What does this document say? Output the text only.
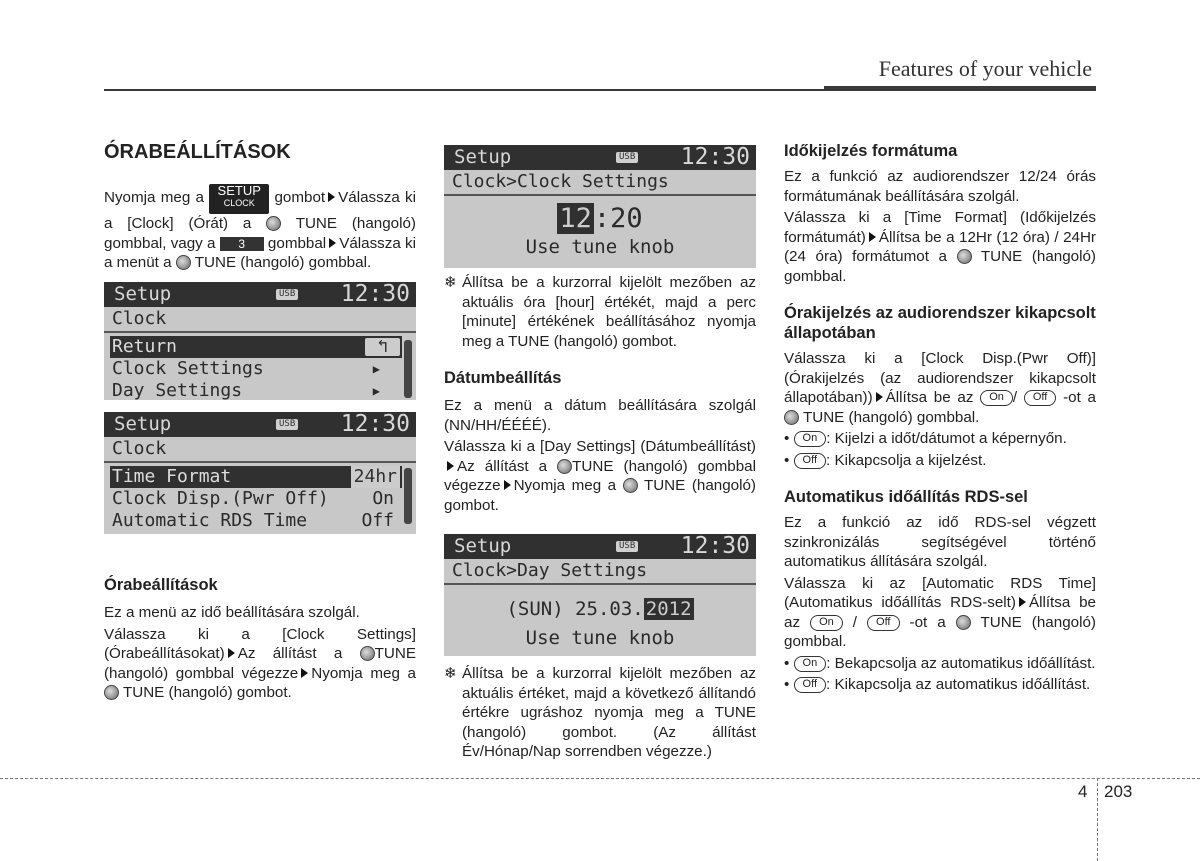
Features of your vehicle
ÓRABEÁLLÍTÁSOK

Nyomja meg a	SETUP
CLOCK	gombot Válassza ki a [Clock] (Órát) a	TUNE (hangoló) gombbal, vagy a 3 gombbal Válassza ki a menüt a TUNE (hangoló) gombbal.

Setup	USB 12:30
Clock
Return	↰
Clock Settings	▶
Day Settings	▶
Setup	USB 12:30
Clock
Time Format	24hr
Clock Disp.(Pwr Off) On
Automatic RDS Time	Off
Órabeállítások

Ez a menü az idő beállítására szolgál.

Válassza ki a [Clock Settings] (Órabeállításokat) Az állítást a TUNE (hangoló) gombbal végezze Nyomja meg a  TUNE (hangoló) gombot.

Setup	USB 12:30
Clock>Clock Settings
12:20
Use tune knob

❄ Állítsa be a kurzorral kijelölt mezőben az aktuális óra [hour] értékét, majd a perc [minute] értékének beállításához nyomja meg a TUNE (hangoló) gombot.

Dátumbeállítás

Ez a menü a dátum beállítására szolgál (NN/HH/ÉÉÉÉ).

Válassza ki a [Day Settings] (Dátumbeállítást)Az állítást a TUNE (hangoló) gombbal végezze Nyomja meg a TUNE (hangoló) gombot.

Setup	USB 12:30
Clock>Day Settings
(SUN) 25.03. 2012
Use tune knob

❄ Állítsa be a kurzorral kijelölt mezőben az aktuális értéket, majd a következő állítandó értékre ugráshoz nyomja meg a TUNE (hangoló) gombot. (Az állítást Év/Hónap/Nap sorrendben végezze.)

Időkijelzés formátuma

Ez a funkció az audiorendszer 12/24 órás formátumának beállítására szolgál.

Válassza ki a [Time Format] (Időkijelzés formátumát) Állítsa be a 12Hr (12 óra) / 24Hr (24 óra) formátumot a TUNE (hangoló) gombbal.

Órakijelzés az audiorendszer kikapcsolt állapotában

Válassza ki a [Clock Disp.(Pwr Off)] (Órakijelzés (az audiorendszer kikapcsolt állapotában)) Állítsa be az On / Off -ot a  TUNE (hangoló) gombbal.

• On : Kijelzi a időt/dátumot a képernyőn.

• Off : Kikapcsolja a kijelzést.

Automatikus időállítás RDS-sel

Ez a funkció az idő RDS-sel végzett szinkronizálás segítségével történő automatikus állítására szolgál.

Válassza ki az [Automatic RDS Time] (Automatikus időállítás RDS-selt) Állítsa be az On / Off -ot a TUNE (hangoló) gombbal.

• On : Bekapcsolja az automatikus időállítást.

• Off : Kikapcsolja az automatikus időállítást.

4 203
